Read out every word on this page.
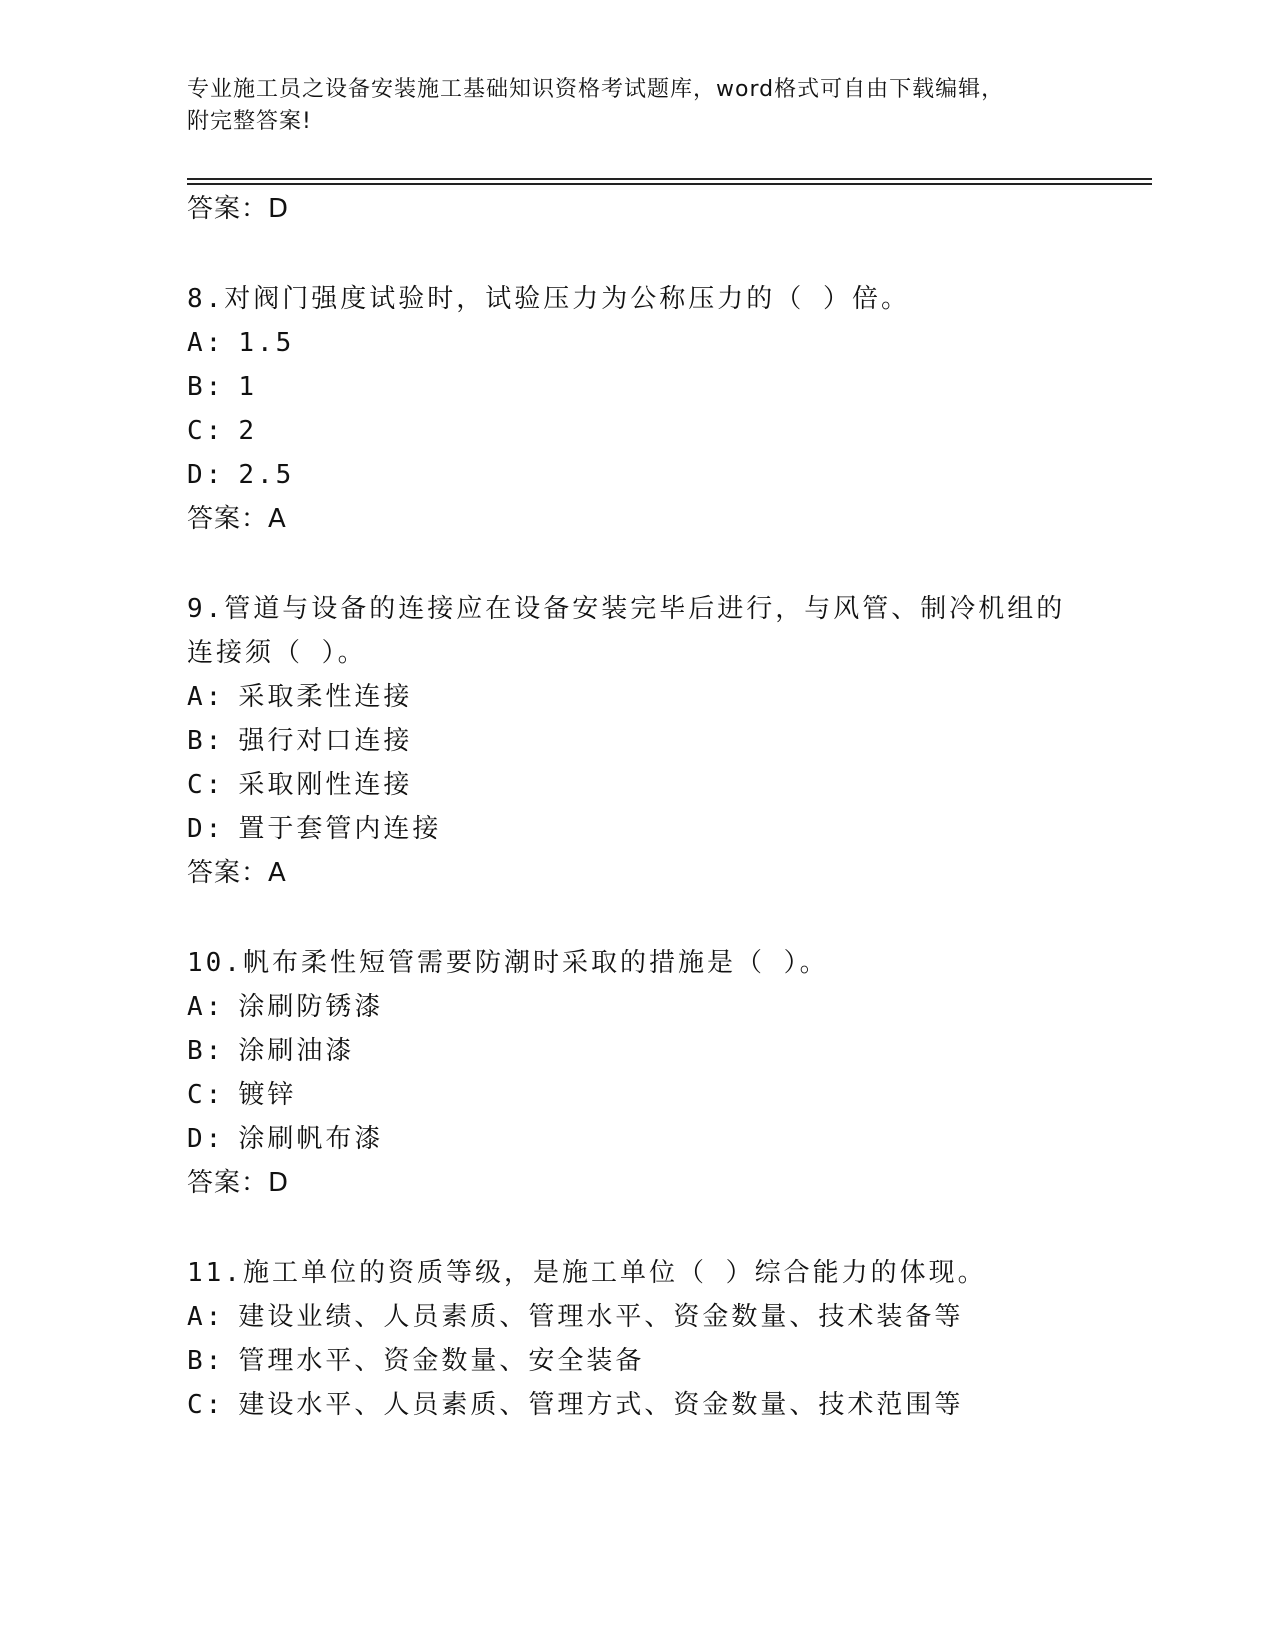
专业施工员之设备安装施工基础知识资格考试题库，word格式可自由下载编辑，
附完整答案!
答案：D
8.对阀门强度试验时，试验压力为公称压力的（ ）倍。
A: 1.5
B: 1
C: 2
D: 2.5
答案：A
9.管道与设备的连接应在设备安装完毕后进行，与风管、制冷机组的
连接须（ ）。
A: 采取柔性连接
B: 强行对口连接
C: 采取刚性连接
D: 置于套管内连接
答案：A
10.帆布柔性短管需要防潮时采取的措施是（ ）。
A: 涂刷防锈漆
B: 涂刷油漆
C: 镀锌
D: 涂刷帆布漆
答案：D
11.施工单位的资质等级，是施工单位（ ）综合能力的体现。
A: 建设业绩、人员素质、管理水平、资金数量、技术装备等
B: 管理水平、资金数量、安全装备
C: 建设水平、人员素质、管理方式、资金数量、技术范围等
